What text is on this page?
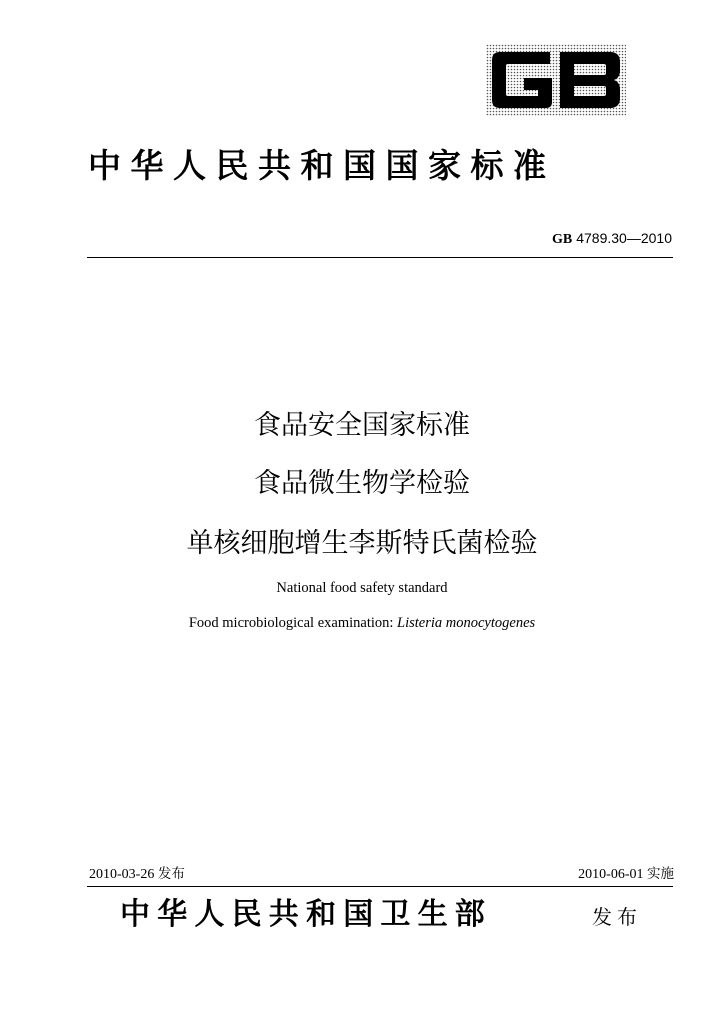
中华人民共和国国家标准
GB 4789.30—2010
食品安全国家标准
食品微生物学检验
单核细胞增生李斯特氏菌检验
National food safety standard
Food microbiological examination: Listeria monocytogenes
2010-03-26 发布	2010-06-01 实施
中华人民共和国卫生部	发布
